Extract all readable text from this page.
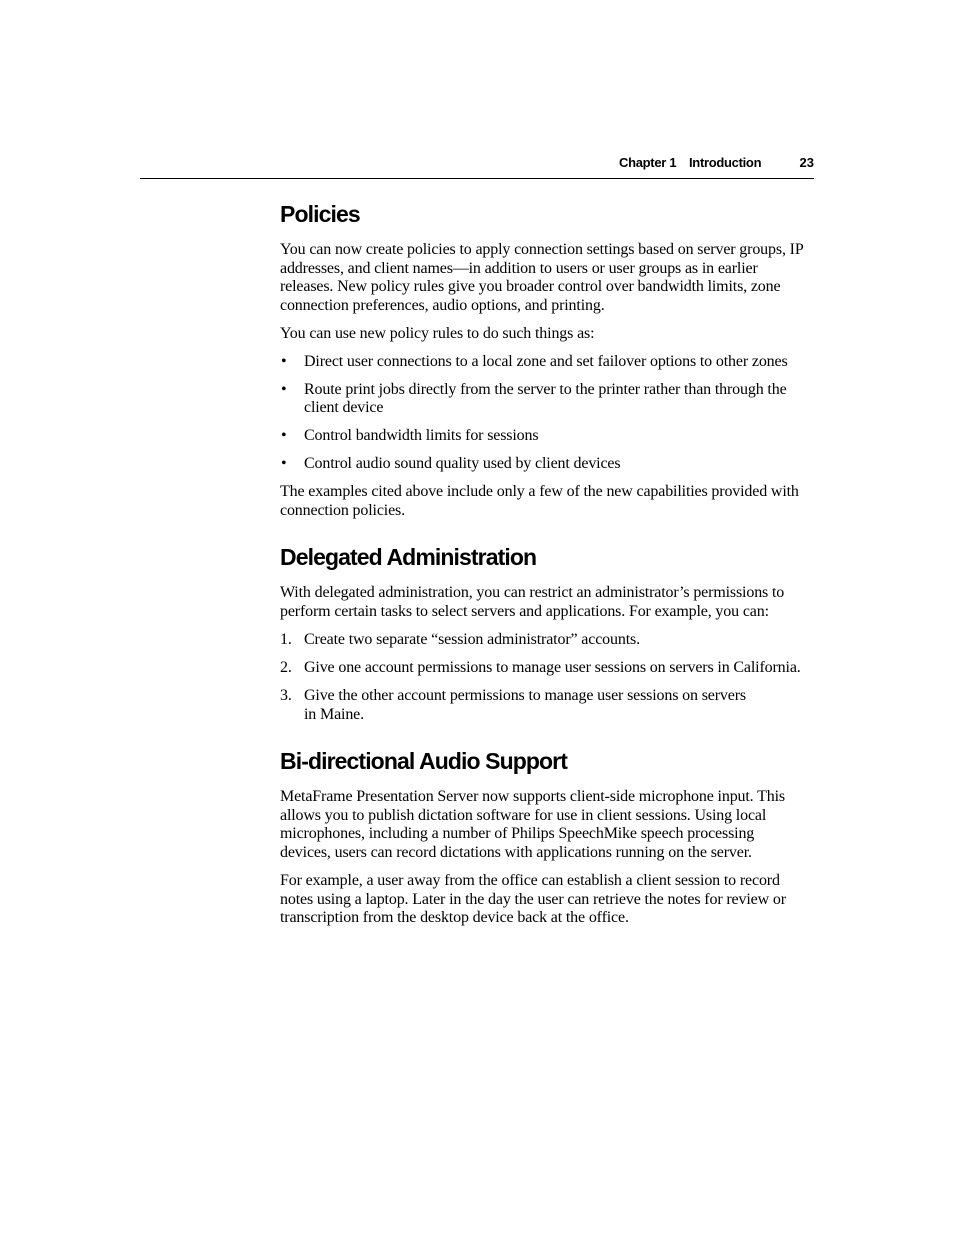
Chapter 1 Introduction	23
Policies

You can now create policies to apply connection settings based on server groups, IP
addresses, and client names—in addition to users or user groups as in earlier
releases. New policy rules give you broader control over bandwidth limits, zone
connection preferences, audio options, and printing.

You can use new policy rules to do such things as:

• Direct user connections to a local zone and set failover options to other zones
• Route print jobs directly from the server to the printer rather than through the
client device
• Control bandwidth limits for sessions
• Control audio sound quality used by client devices

The examples cited above include only a few of the new capabilities provided with
connection policies.

Delegated Administration

With delegated administration, you can restrict an administrator’s permissions to
perform certain tasks to select servers and applications. For example, you can:

1. Create two separate “session administrator” accounts.
2. Give one account permissions to manage user sessions on servers in California.
3. Give the other account permissions to manage user sessions on servers
in Maine.
Bi-directional Audio Support

MetaFrame Presentation Server now supports client-side microphone input. This
allows you to publish dictation software for use in client sessions. Using local
microphones, including a number of Philips SpeechMike speech processing
devices, users can record dictations with applications running on the server.

For example, a user away from the office can establish a client session to record
notes using a laptop. Later in the day the user can retrieve the notes for review or
transcription from the desktop device back at the office.
